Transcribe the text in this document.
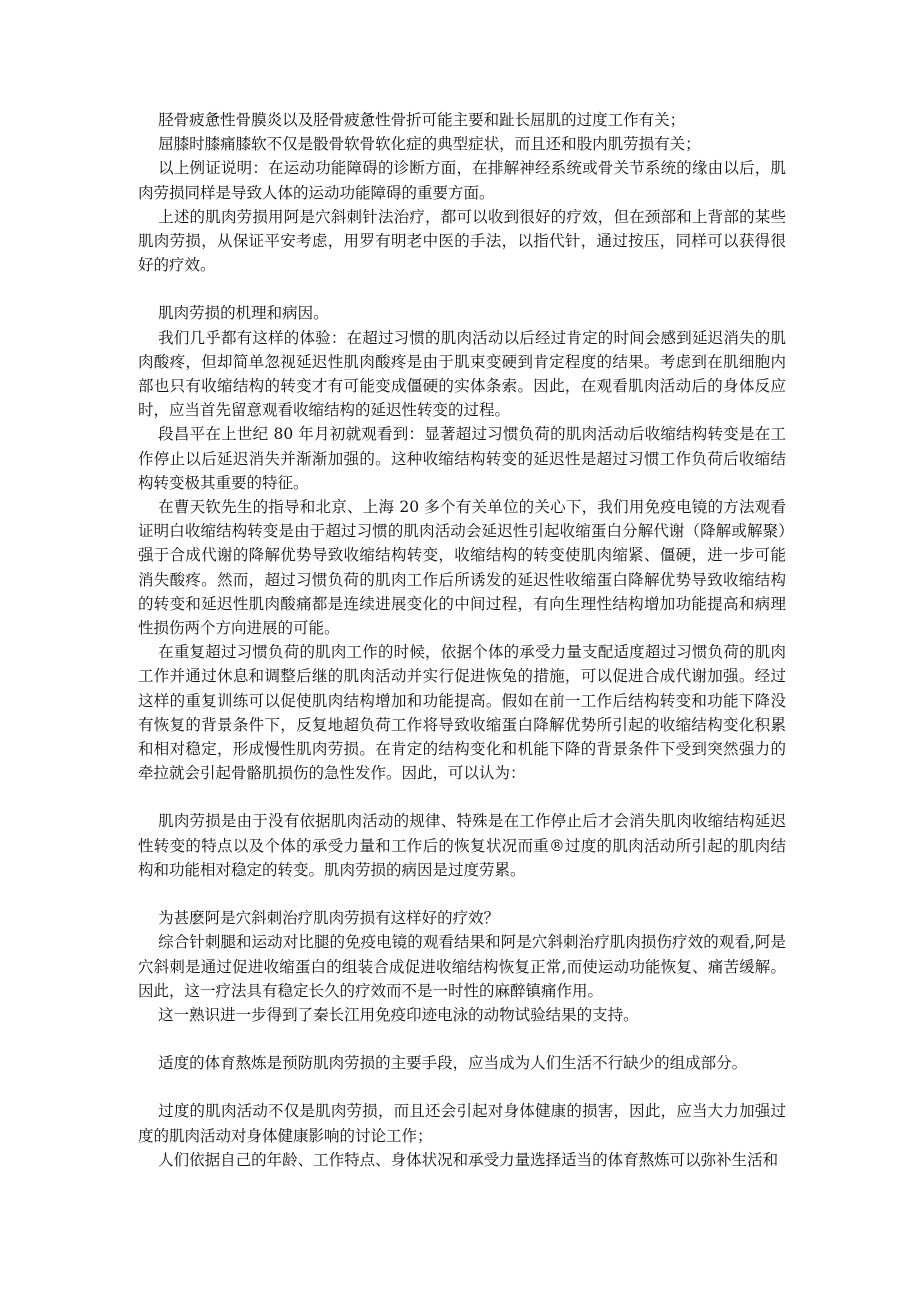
胫骨疲惫性骨膜炎以及胫骨疲惫性骨折可能主要和趾长屈肌的过度工作有关；

屈膝时膝痛膝软不仅是骰骨软骨软化症的典型症状，而且还和股内肌劳损有关；

以上例证说明：在运动功能障碍的诊断方面，在排解神经系统或骨关节系统的缘由以后，肌肉劳损同样是导致人体的运动功能障碍的重要方面。

上述的肌肉劳损用阿是穴斜刺针法治疗，都可以收到很好的疗效，但在颈部和上背部的某些肌肉劳损，从保证平安考虑，用罗有明老中医的手法，以指代针，通过按压，同样可以获得很好的疗效。

肌肉劳损的机理和病因。

我们几乎都有这样的体验：在超过习惯的肌肉活动以后经过肯定的时间会感到延迟消失的肌肉酸疼，但却简单忽视延迟性肌肉酸疼是由于肌束变硬到肯定程度的结果。考虑到在肌细胞内部也只有收缩结构的转变才有可能变成僵硬的实体条索。因此，在观看肌肉活动后的身体反应时，应当首先留意观看收缩结构的延迟性转变的过程。

段昌平在上世纪 80 年月初就观看到：显著超过习惯负荷的肌肉活动后收缩结构转变是在工作停止以后延迟消失并渐渐加强的。这种收缩结构转变的延迟性是超过习惯工作负荷后收缩结构转变极其重要的特征。

在曹天钦先生的指导和北京、上海 20 多个有关单位的关心下，我们用免疫电镜的方法观看证明白收缩结构转变是由于超过习惯的肌肉活动会延迟性引起收缩蛋白分解代谢（降解或解聚）强于合成代谢的降解优势导致收缩结构转变，收缩结构的转变使肌肉缩紧、僵硬，进一步可能消失酸疼。然而，超过习惯负荷的肌肉工作后所诱发的延迟性收缩蛋白降解优势导致收缩结构的转变和延迟性肌肉酸痛都是连续进展变化的中间过程，有向生理性结构增加功能提高和病理性损伤两个方向进展的可能。

在重复超过习惯负荷的肌肉工作的时候，依据个体的承受力量支配适度超过习惯负荷的肌肉工作并通过休息和调整后继的肌肉活动并实行促进恢兔的措施，可以促进合成代谢加强。经过这样的重复训练可以促使肌肉结构增加和功能提高。假如在前一工作后结构转变和功能下降没有恢复的背景条件下，反复地超负荷工作将导致收缩蛋白降解优势所引起的收缩结构变化积累和相对稳定，形成慢性肌肉劳损。在肯定的结构变化和机能下降的背景条件下受到突然强力的牵拉就会引起骨骼肌损伤的急性发作。因此，可以认为：

肌肉劳损是由于没有依据肌肉活动的规律、特殊是在工作停止后才会消失肌肉收缩结构延迟性转变的特点以及个体的承受力量和工作后的恢复状况而重®过度的肌肉活动所引起的肌肉结构和功能相对稳定的转变。肌肉劳损的病因是过度劳累。

为甚麽阿是穴斜刺治疗肌肉劳损有这样好的疗效？

综合针刺腿和运动对比腿的免疫电镜的观看结果和阿是穴斜刺治疗肌肉损伤疗效的观看,阿是穴斜刺是通过促进收缩蛋白的组装合成促进收缩结构恢复正常,而使运动功能恢复、痛苦缓解。因此，这一疗法具有稳定长久的疗效而不是一时性的麻醉镇痛作用。

这一熟识进一步得到了秦长江用免疫印迹电泳的动物试验结果的支持。

适度的体育熬炼是预防肌肉劳损的主要手段，应当成为人们生活不行缺少的组成部分。

过度的肌肉活动不仅是肌肉劳损，而且还会引起对身体健康的损害，因此，应当大力加强过度的肌肉活动对身体健康影响的讨论工作；

人们依据自己的年龄、工作特点、身体状况和承受力量选择适当的体育熬炼可以弥补生活和
